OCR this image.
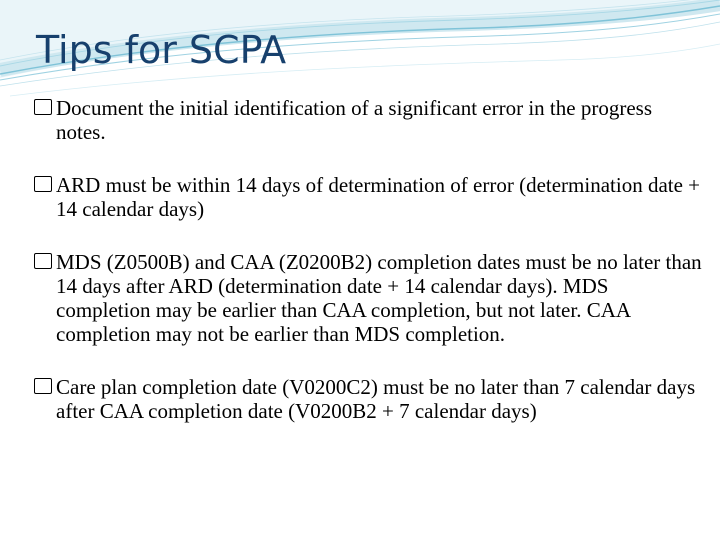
Tips for SCPA
Document the initial identification of a significant error in the progress notes.
ARD must be within 14 days of determination of error (determination date + 14 calendar days)
MDS (Z0500B) and CAA (Z0200B2) completion dates must be no later than 14 days after ARD (determination date + 14 calendar days). MDS completion may be earlier than CAA completion, but not later. CAA completion may not be earlier than MDS completion.
Care plan completion date (V0200C2) must be no later than 7 calendar days after CAA completion date (V0200B2 + 7 calendar days)
